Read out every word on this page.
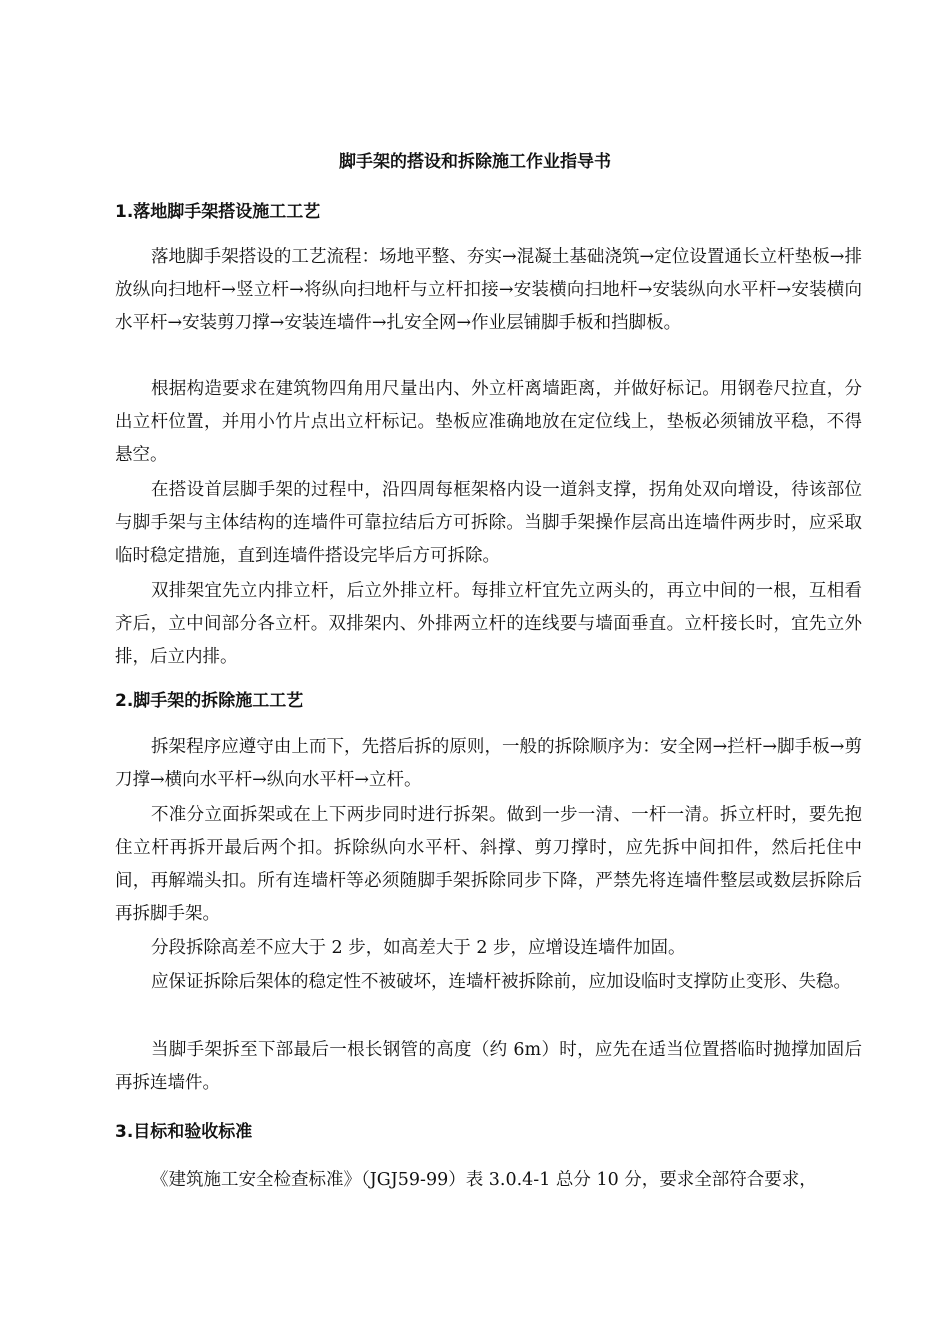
脚手架的搭设和拆除施工作业指导书
1.落地脚手架搭设施工工艺

落地脚手架搭设的工艺流程：场地平整、夯实→混凝土基础浇筑→定位设置通长立杆垫板→排放纵向扫地杆→竖立杆→将纵向扫地杆与立杆扣接→安装横向扫地杆→安装纵向水平杆→安装横向水平杆→安装剪刀撑→安装连墙件→扎安全网→作业层铺脚手板和挡脚板。

根据构造要求在建筑物四角用尺量出内、外立杆离墙距离，并做好标记。用钢卷尺拉直，分出立杆位置，并用小竹片点出立杆标记。垫板应准确地放在定位线上，垫板必须铺放平稳，不得悬空。

在搭设首层脚手架的过程中，沿四周每框架格内设一道斜支撑，拐角处双向增设，待该部位与脚手架与主体结构的连墙件可靠拉结后方可拆除。当脚手架操作层高出连墙件两步时，应采取临时稳定措施，直到连墙件搭设完毕后方可拆除。

双排架宜先立内排立杆，后立外排立杆。每排立杆宜先立两头的，再立中间的一根，互相看齐后，立中间部分各立杆。双排架内、外排两立杆的连线要与墙面垂直。立杆接长时，宜先立外排，后立内排。

2.脚手架的拆除施工工艺

拆架程序应遵守由上而下，先搭后拆的原则，一般的拆除顺序为：安全网→拦杆→脚手板→剪刀撑→横向水平杆→纵向水平杆→立杆。

不准分立面拆架或在上下两步同时进行拆架。做到一步一清、一杆一清。拆立杆时，要先抱住立杆再拆开最后两个扣。拆除纵向水平杆、斜撑、剪刀撑时，应先拆中间扣件，然后托住中间，再解端头扣。所有连墙杆等必须随脚手架拆除同步下降，严禁先将连墙件整层或数层拆除后再拆脚手架。

分段拆除高差不应大于 2 步，如高差大于 2 步，应增设连墙件加固。

应保证拆除后架体的稳定性不被破坏，连墙杆被拆除前，应加设临时支撑防止变形、失稳。

当脚手架拆至下部最后一根长钢管的高度（约 6m）时，应先在适当位置搭临时抛撑加固后再拆连墙件。

3.目标和验收标准

《建筑施工安全检查标准》（JGJ59-99）表 3.0.4-1 总分 10 分，要求全部符合要求，
